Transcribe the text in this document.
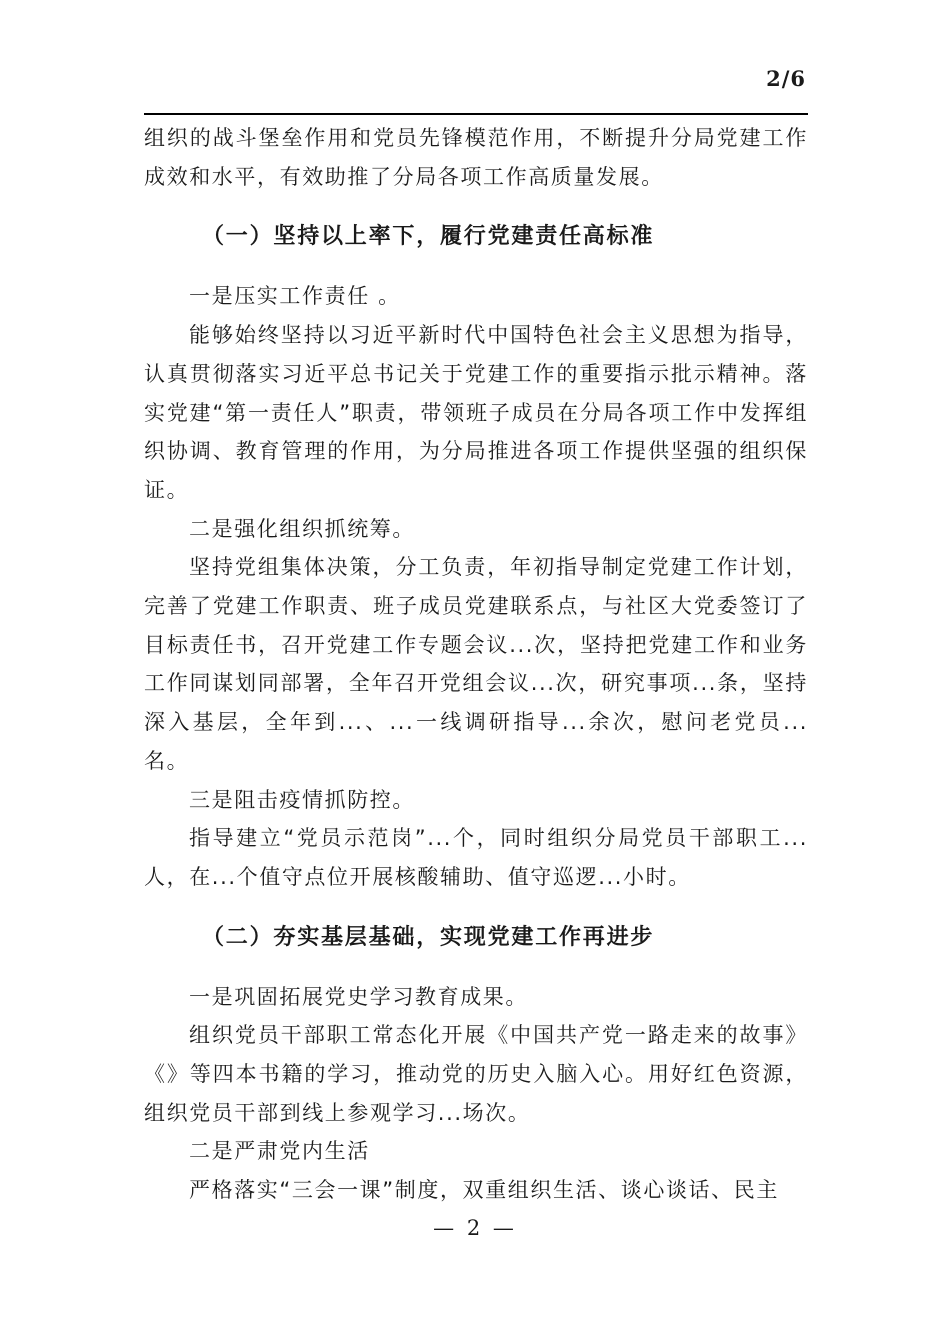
2/6

组织的战斗堡垒作用和党员先锋模范作用，不断提升分局党建工作成效和水平，有效助推了分局各项工作高质量发展。

（一）坚持以上率下，履行党建责任高标准

一是压实工作责任 。

能够始终坚持以习近平新时代中国特色社会主义思想为指导，认真贯彻落实习近平总书记关于党建工作的重要指示批示精神。落实党建“第一责任人”职责，带领班子成员在分局各项工作中发挥组织协调、教育管理的作用，为分局推进各项工作提供坚强的组织保证。

二是强化组织抓统筹。

坚持党组集体决策，分工负责，年初指导制定党建工作计划，完善了党建工作职责、班子成员党建联系点，与社区大党委签订了目标责任书，召开党建工作专题会议...次，坚持把党建工作和业务工作同谋划同部署，全年召开党组会议...次，研究事项...条，坚持深入基层，全年到...、...一线调研指导...余次，慰问老党员...名。

三是阻击疫情抓防控。

指导建立“党员示范岗”...个，同时组织分局党员干部职工...人，在...个值守点位开展核酸辅助、值守巡逻...小时。

（二）夯实基层基础，实现党建工作再进步

一是巩固拓展党史学习教育成果。

组织党员干部职工常态化开展《中国共产党一路走来的故事》《》等四本书籍的学习，推动党的历史入脑入心。用好红色资源，组织党员干部到线上参观学习...场次。

二是严肃党内生活

严格落实“三会一课”制度，双重组织生活、谈心谈话、民主

— 2 —
